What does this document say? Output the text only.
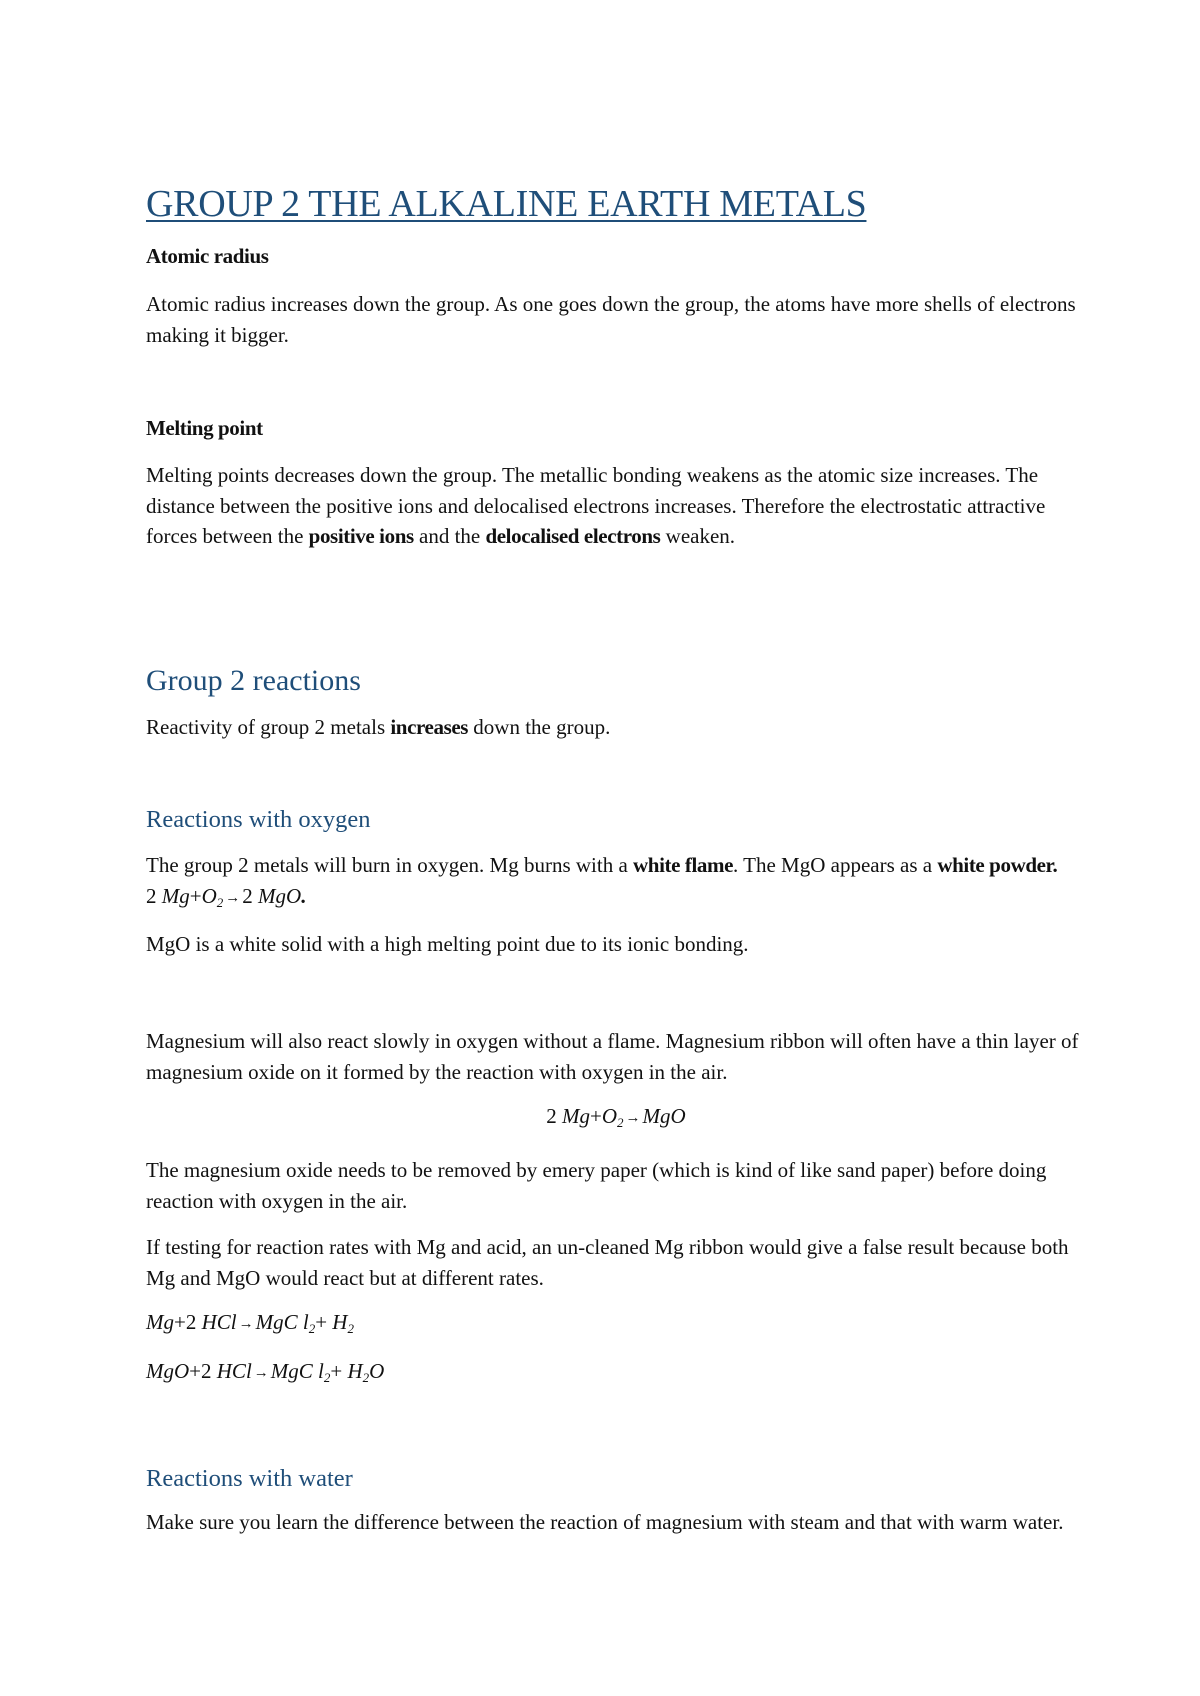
GROUP 2 THE ALKALINE EARTH METALS

Atomic radius

Atomic radius increases down the group. As one goes down the group, the atoms have more shells of electrons making it bigger.

Melting point

Melting points decreases down the group. The metallic bonding weakens as the atomic size increases. The distance between the positive ions and delocalised electrons increases. Therefore the electrostatic attractive forces between the positive ions and the delocalised electrons weaken.

Group 2 reactions

Reactivity of group 2 metals increases down the group.

Reactions with oxygen

The group 2 metals will burn in oxygen. Mg burns with a white flame. The MgO appears as a white powder. 2 $Mg+O_2 \to 2$ MgO.

MgO is a white solid with a high melting point due to its ionic bonding.

Magnesium will also react slowly in oxygen without a flame. Magnesium ribbon will often have a thin layer of magnesium oxide on it formed by the reaction with oxygen in the air.

2 $Mg+O_2 \to MgO$

The magnesium oxide needs to be removed by emery paper (which is kind of like sand paper) before doing reaction with oxygen in the air.

If testing for reaction rates with Mg and acid, an un-cleaned Mg ribbon would give a false result because both Mg and MgO would react but at different rates.

Mg+2 HCl →MgC $l_2+ H_2$

MgO+2 HCl →MgC $l_2+ H_2O$

Reactions with water

Make sure you learn the difference between the reaction of magnesium with steam and that with warm water.
